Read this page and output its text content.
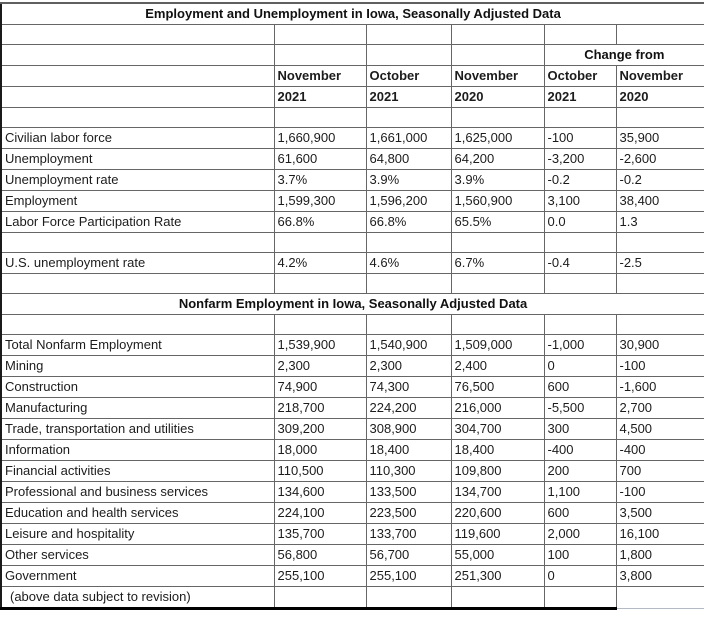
Employment and Unemployment in Iowa, Seasonally Adjusted Data					

				Change from	
	November	October	November	October	November
	2021	2021	2020	2021	2020

Civilian labor force	1,660,900	1,661,000	1,625,000	-100	35,900
Unemployment	61,600	64,800	64,200	-3,200	-2,600
Unemployment rate	3.7%	3.9%	3.9%	-0.2	-0.2
Employment	1,599,300	1,596,200	1,560,900	3,100	38,400
Labor Force Participation Rate	66.8%	66.8%	65.5%	0.0	1.3

U.S. unemployment rate	4.2%	4.6%	6.7%	-0.4	-2.5

Nonfarm Employment in Iowa, Seasonally Adjusted Data					

Total Nonfarm Employment	1,539,900	1,540,900	1,509,000	-1,000	30,900
Mining	2,300	2,300	2,400	0	-100
Construction	74,900	74,300	76,500	600	-1,600
Manufacturing	218,700	224,200	216,000	-5,500	2,700
Trade, transportation and utilities	309,200	308,900	304,700	300	4,500
Information	18,000	18,400	18,400	-400	-400
Financial activities	110,500	110,300	109,800	200	700
Professional and business services	134,600	133,500	134,700	1,100	-100
Education and health services	224,100	223,500	220,600	600	3,500
Leisure and hospitality	135,700	133,700	119,600	2,000	16,100
Other services	56,800	56,700	55,000	100	1,800
Government	255,100	255,100	251,300	0	3,800
(above data subject to revision)					
